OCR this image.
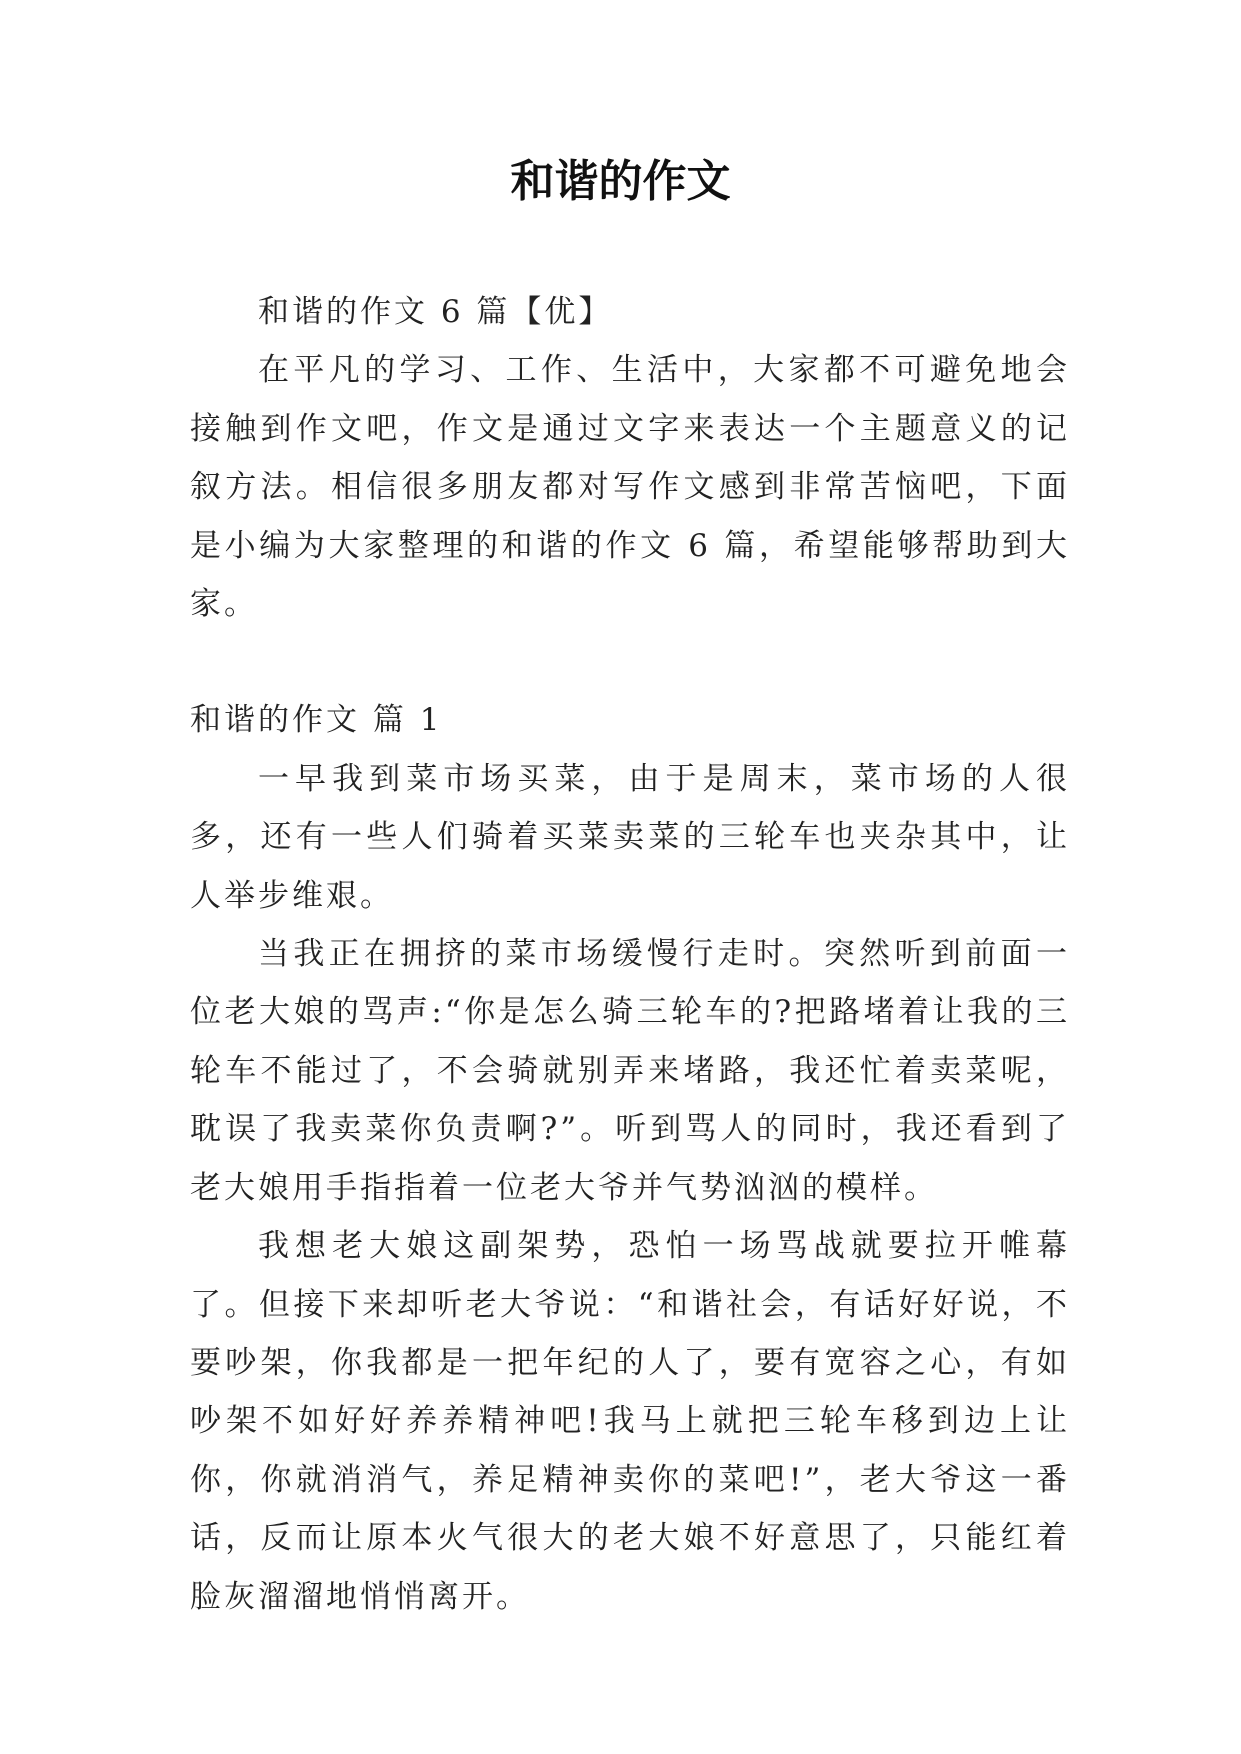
和谐的作文

和谐的作文 6 篇【优】

在平凡的学习、工作、生活中，大家都不可避免地会接触到作文吧，作文是通过文字来表达一个主题意义的记叙方法。相信很多朋友都对写作文感到非常苦恼吧，下面是小编为大家整理的和谐的作文 6 篇，希望能够帮助到大家。

和谐的作文 篇 1

一早我到菜市场买菜，由于是周末，菜市场的人很多，还有一些人们骑着买菜卖菜的三轮车也夹杂其中，让人举步维艰。

当我正在拥挤的菜市场缓慢行走时。突然听到前面一位老大娘的骂声:“你是怎么骑三轮车的?把路堵着让我的三轮车不能过了，不会骑就别弄来堵路，我还忙着卖菜呢，耽误了我卖菜你负责啊?”。听到骂人的同时，我还看到了老大娘用手指指着一位老大爷并气势汹汹的模样。

我想老大娘这副架势，恐怕一场骂战就要拉开帷幕了。但接下来却听老大爷说：“和谐社会，有话好好说，不要吵架，你我都是一把年纪的人了，要有宽容之心，有如吵架不如好好养养精神吧!我马上就把三轮车移到边上让你，你就消消气，养足精神卖你的菜吧!”，老大爷这一番话，反而让原本火气很大的老大娘不好意思了，只能红着脸灰溜溜地悄悄离开。
